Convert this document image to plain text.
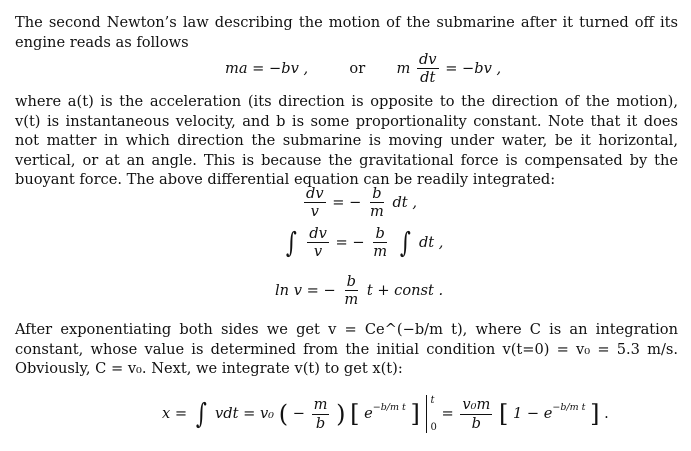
The second Newton’s law describing the motion of the submarine after it turned off its engine reads as follows

ma = −bv ,	or m $\frac{dv}{dt} = -bv$ ,

where a(t) is the acceleration (its direction is opposite to the direction of the motion), v(t) is instantaneous velocity, and b is some proportionality constant. Note that it does not matter in which direction the submarine is moving under water, be it horizontal, vertical, or at an angle. This is because the gravitational force is compensated by the buoyant force. The above differential equation can be readily integrated:

$\frac{dv}{v}$ = − $\frac{b}{m}$ dt ,
∫ $\frac{dv}{v}$ = − $\frac{b}{m}$ ∫ dt ,
ln v = − $\frac{b}{m}$ t + const .

After exponentiating both sides we get v = Ce^(−b/m t), where C is an integration constant, whose value is determined from the initial condition v(t=0) = v₀ = 5.3 m/s. Obviously, C = v₀. Next, we integrate v(t) to get x(t):

x = ∫ vdt = v₀ ( − $\frac{m}{b}$ ) [ $e^{-b/m t}$ ] t
0
= $\frac{\text{v₀m}}{b}$ [ $1 - e^{-b/m t}$ ] .
